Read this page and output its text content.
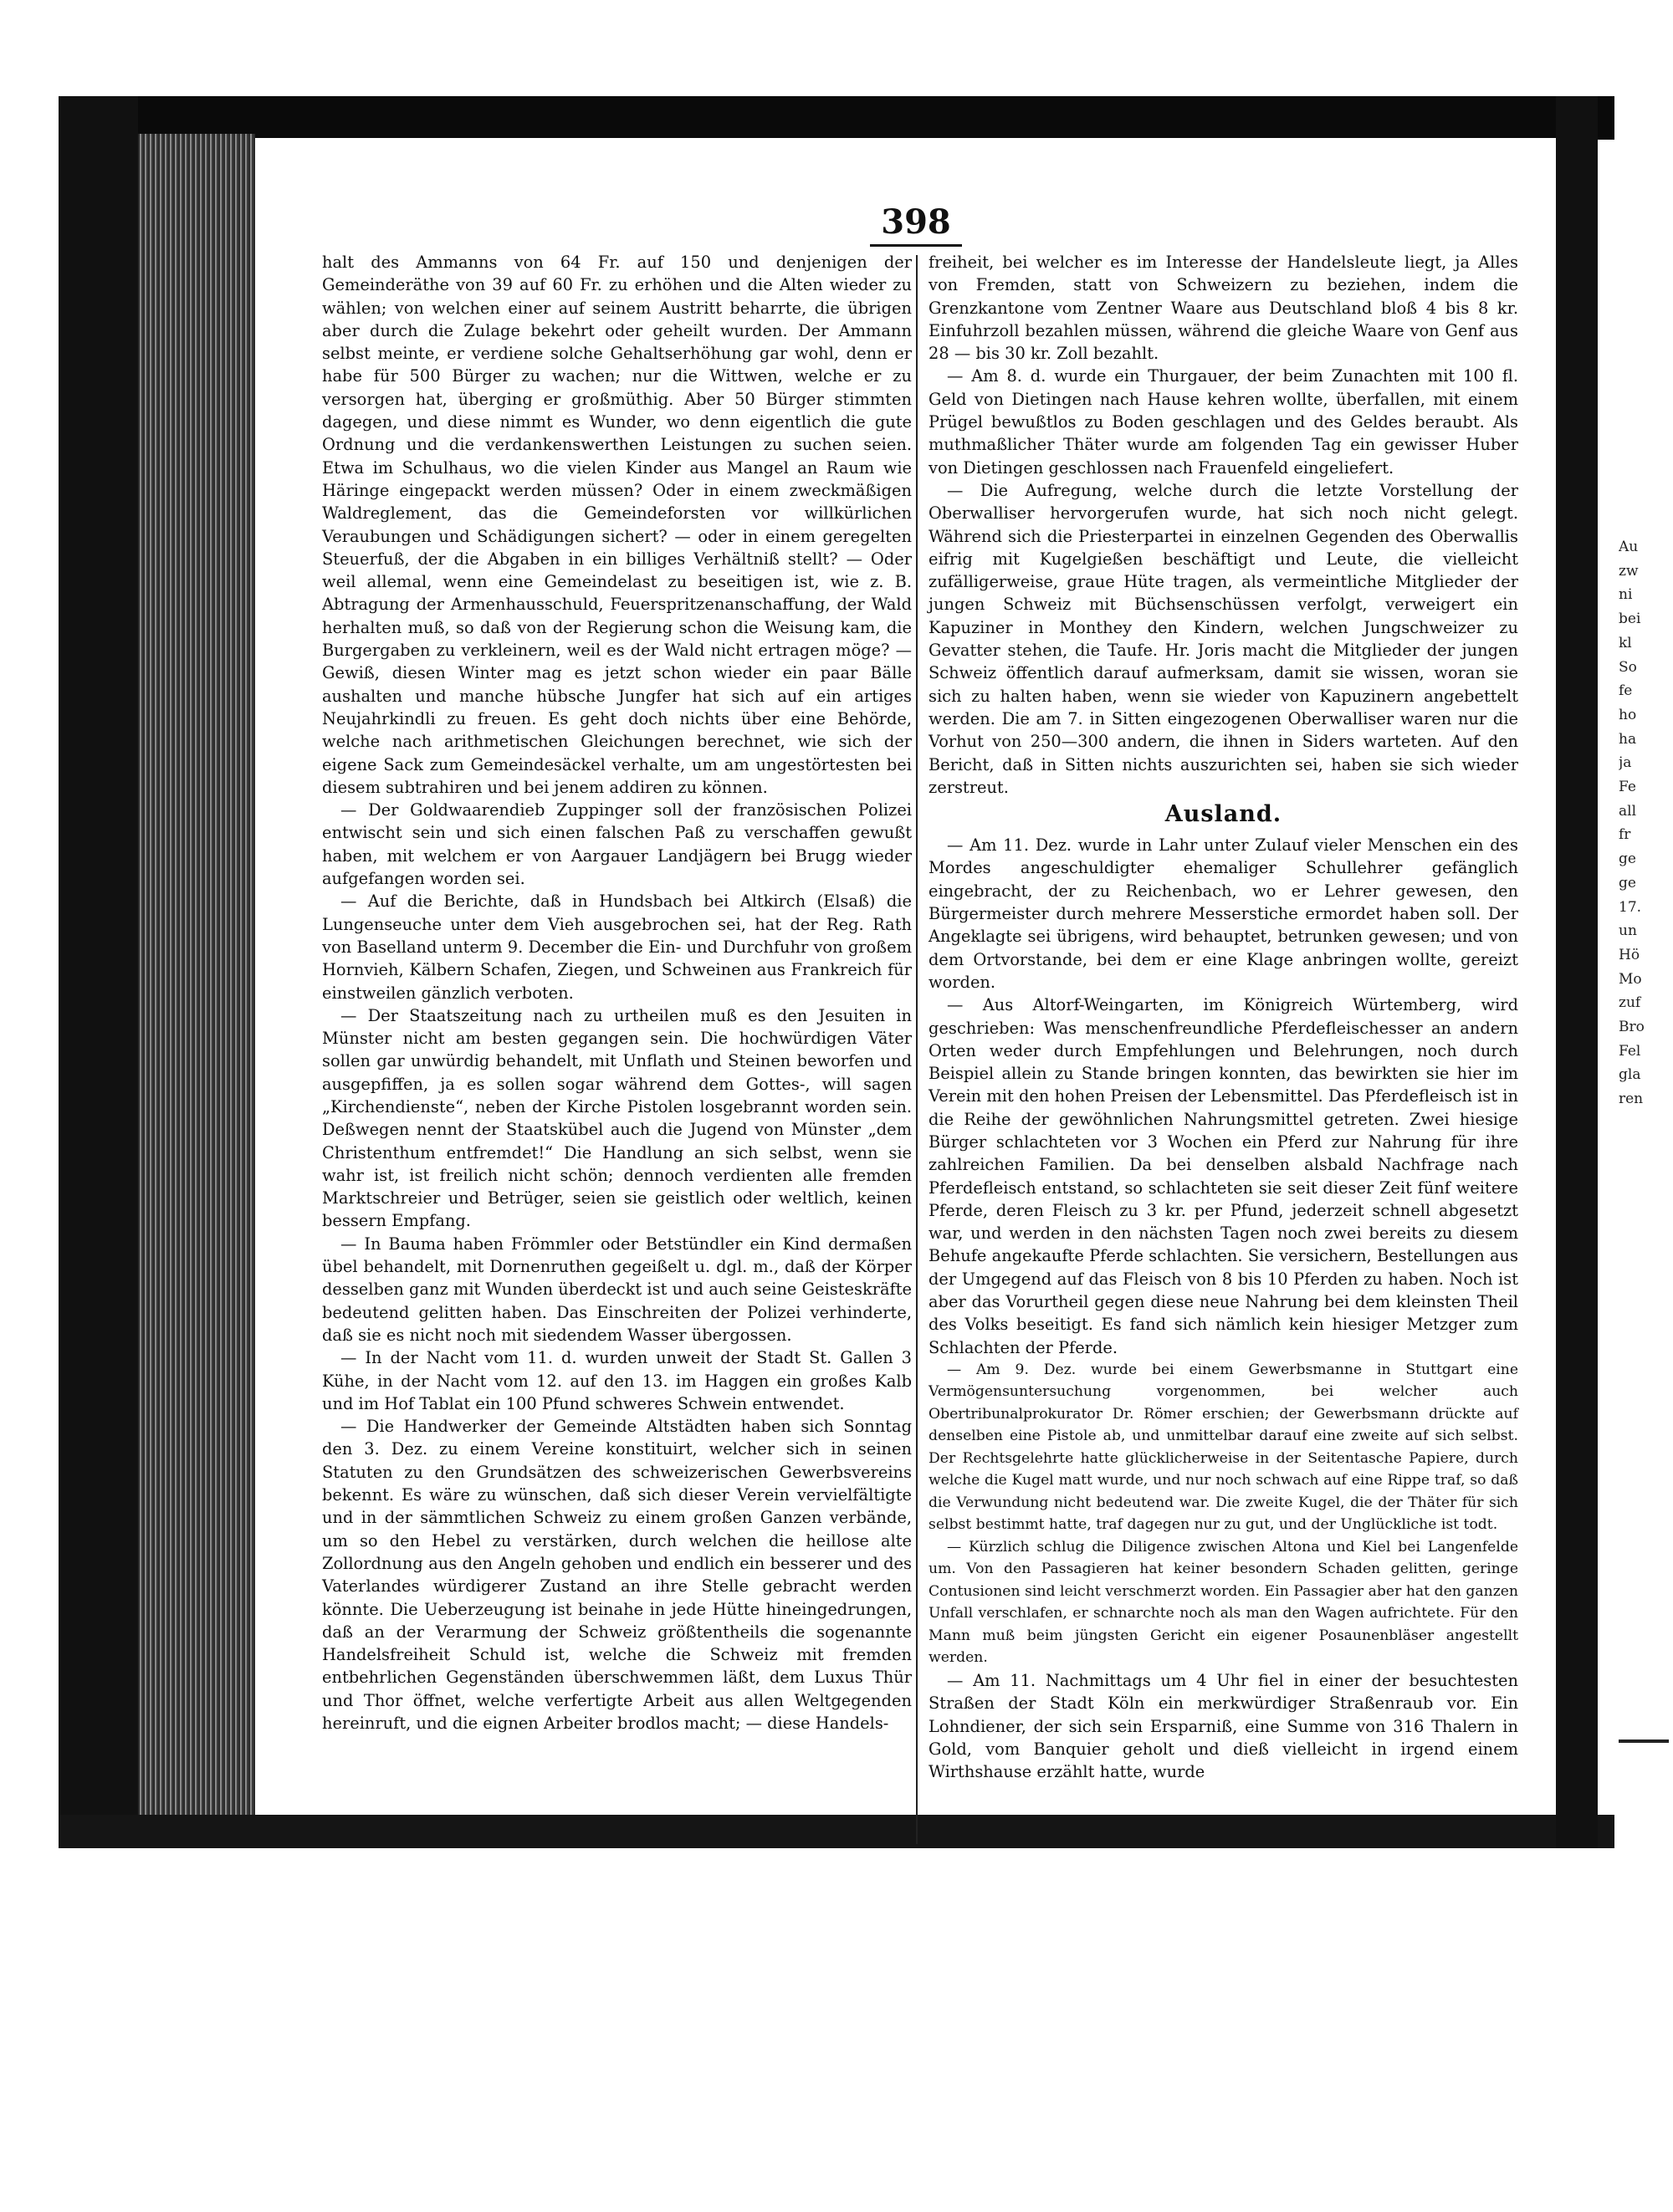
398

halt des Ammanns von 64 Fr. auf 150 und denjenigen der Gemeinderäthe von 39 auf 60 Fr. zu erhöhen und die Alten wieder zu wählen; von welchen einer auf seinem Austritt beharrte, die übrigen aber durch die Zulage bekehrt oder geheilt wurden. Der Ammann selbst meinte, er verdiene solche Gehaltserhöhung gar wohl, denn er habe für 500 Bürger zu wachen; nur die Wittwen, welche er zu versorgen hat, überging er großmüthig. Aber 50 Bürger stimmten dagegen, und diese nimmt es Wunder, wo denn eigentlich die gute Ordnung und die verdankenswerthen Leistungen zu suchen seien. Etwa im Schulhaus, wo die vielen Kinder aus Mangel an Raum wie Häringe eingepackt werden müssen? Oder in einem zweckmäßigen Waldreglement, das die Gemeindeforsten vor willkürlichen Veraubungen und Schädigungen sichert? — oder in einem geregelten Steuerfuß, der die Abgaben in ein billiges Verhältniß stellt? — Oder weil allemal, wenn eine Gemeindelast zu beseitigen ist, wie z. B. Abtragung der Armenhausschuld, Feuerspritzenanschaffung, der Wald herhalten muß, so daß von der Regierung schon die Weisung kam, die Burgergaben zu verkleinern, weil es der Wald nicht ertragen möge? — Gewiß, diesen Winter mag es jetzt schon wieder ein paar Bälle aushalten und manche hübsche Jungfer hat sich auf ein artiges Neujahrkindli zu freuen. Es geht doch nichts über eine Behörde, welche nach arithmetischen Gleichungen berechnet, wie sich der eigene Sack zum Gemeindesäckel verhalte, um am ungestörtesten bei diesem subtrahiren und bei jenem addiren zu können.

— Der Goldwaarendieb Zuppinger soll der französischen Polizei entwischt sein und sich einen falschen Paß zu verschaffen gewußt haben, mit welchem er von Aargauer Landjägern bei Brugg wieder aufgefangen worden sei.

— Auf die Berichte, daß in Hundsbach bei Altkirch (Elsaß) die Lungenseuche unter dem Vieh ausgebrochen sei, hat der Reg. Rath von Baselland unterm 9. December die Ein- und Durchfuhr von großem Hornvieh, Kälbern Schafen, Ziegen, und Schweinen aus Frankreich für einstweilen gänzlich verboten.

— Der Staatszeitung nach zu urtheilen muß es den Jesuiten in Münster nicht am besten gegangen sein. Die hochwürdigen Väter sollen gar unwürdig behandelt, mit Unflath und Steinen beworfen und ausgepfiffen, ja es sollen sogar während dem Gottes-, will sagen „Kirchendienste“, neben der Kirche Pistolen losgebrannt worden sein. Deßwegen nennt der Staatskübel auch die Jugend von Münster „dem Christenthum entfremdet!“ Die Handlung an sich selbst, wenn sie wahr ist, ist freilich nicht schön; dennoch verdienten alle fremden Marktschreier und Betrüger, seien sie geistlich oder weltlich, keinen bessern Empfang.

— In Bauma haben Frömmler oder Betstündler ein Kind dermaßen übel behandelt, mit Dornenruthen gegeißelt u. dgl. m., daß der Körper desselben ganz mit Wunden überdeckt ist und auch seine Geisteskräfte bedeutend gelitten haben. Das Einschreiten der Polizei verhinderte, daß sie es nicht noch mit siedendem Wasser übergossen.

— In der Nacht vom 11. d. wurden unweit der Stadt St. Gallen 3 Kühe, in der Nacht vom 12. auf den 13. im Haggen ein großes Kalb und im Hof Tablat ein 100 Pfund schweres Schwein entwendet.

— Die Handwerker der Gemeinde Altstädten haben sich Sonntag den 3. Dez. zu einem Vereine konstituirt, welcher sich in seinen Statuten zu den Grundsätzen des schweizerischen Gewerbsvereins bekennt. Es wäre zu wünschen, daß sich dieser Verein vervielfältigte und in der sämmtlichen Schweiz zu einem großen Ganzen verbände, um so den Hebel zu verstärken, durch welchen die heillose alte Zollordnung aus den Angeln gehoben und endlich ein besserer und des Vaterlandes würdigerer Zustand an ihre Stelle gebracht werden könnte. Die Ueberzeugung ist beinahe in jede Hütte hineingedrungen, daß an der Verarmung der Schweiz größtentheils die sogenannte Handelsfreiheit Schuld ist, welche die Schweiz mit fremden entbehrlichen Gegenständen überschwemmen läßt, dem Luxus Thür und Thor öffnet, welche verfertigte Arbeit aus allen Weltgegenden hereinruft, und die eignen Arbeiter brodlos macht; — diese Handels-

freiheit, bei welcher es im Interesse der Handelsleute liegt, ja Alles von Fremden, statt von Schweizern zu beziehen, indem die Grenzkantone vom Zentner Waare aus Deutschland bloß 4 bis 8 kr. Einfuhrzoll bezahlen müssen, während die gleiche Waare von Genf aus 28 — bis 30 kr. Zoll bezahlt.

— Am 8. d. wurde ein Thurgauer, der beim Zunachten mit 100 fl. Geld von Dietingen nach Hause kehren wollte, überfallen, mit einem Prügel bewußtlos zu Boden geschlagen und des Geldes beraubt. Als muthmaßlicher Thäter wurde am folgenden Tag ein gewisser Huber von Dietingen geschlossen nach Frauenfeld eingeliefert.

— Die Aufregung, welche durch die letzte Vorstellung der Oberwalliser hervorgerufen wurde, hat sich noch nicht gelegt. Während sich die Priesterpartei in einzelnen Gegenden des Oberwallis eifrig mit Kugelgießen beschäftigt und Leute, die vielleicht zufälligerweise, graue Hüte tragen, als vermeintliche Mitglieder der jungen Schweiz mit Büchsenschüssen verfolgt, verweigert ein Kapuziner in Monthey den Kindern, welchen Jungschweizer zu Gevatter stehen, die Taufe. Hr. Joris macht die Mitglieder der jungen Schweiz öffentlich darauf aufmerksam, damit sie wissen, woran sie sich zu halten haben, wenn sie wieder von Kapuzinern angebettelt werden. Die am 7. in Sitten eingezogenen Oberwalliser waren nur die Vorhut von 250—300 andern, die ihnen in Siders warteten. Auf den Bericht, daß in Sitten nichts auszurichten sei, haben sie sich wieder zerstreut.

Ausland.

— Am 11. Dez. wurde in Lahr unter Zulauf vieler Menschen ein des Mordes angeschuldigter ehemaliger Schullehrer gefänglich eingebracht, der zu Reichenbach, wo er Lehrer gewesen, den Bürgermeister durch mehrere Messerstiche ermordet haben soll. Der Angeklagte sei übrigens, wird behauptet, betrunken gewesen; und von dem Ortvorstande, bei dem er eine Klage anbringen wollte, gereizt worden.

— Aus Altorf-Weingarten, im Königreich Würtemberg, wird geschrieben: Was menschenfreundliche Pferdefleischesser an andern Orten weder durch Empfehlungen und Belehrungen, noch durch Beispiel allein zu Stande bringen konnten, das bewirkten sie hier im Verein mit den hohen Preisen der Lebensmittel. Das Pferdefleisch ist in die Reihe der gewöhnlichen Nahrungsmittel getreten. Zwei hiesige Bürger schlachteten vor 3 Wochen ein Pferd zur Nahrung für ihre zahlreichen Familien. Da bei denselben alsbald Nachfrage nach Pferdefleisch entstand, so schlachteten sie seit dieser Zeit fünf weitere Pferde, deren Fleisch zu 3 kr. per Pfund, jederzeit schnell abgesetzt war, und werden in den nächsten Tagen noch zwei bereits zu diesem Behufe angekaufte Pferde schlachten. Sie versichern, Bestellungen aus der Umgegend auf das Fleisch von 8 bis 10 Pferden zu haben. Noch ist aber das Vorurtheil gegen diese neue Nahrung bei dem kleinsten Theil des Volks beseitigt. Es fand sich nämlich kein hiesiger Metzger zum Schlachten der Pferde.

— Am 9. Dez. wurde bei einem Gewerbsmanne in Stuttgart eine Vermögensuntersuchung vorgenommen, bei welcher auch Obertribunalprokurator Dr. Römer erschien; der Gewerbsmann drückte auf denselben eine Pistole ab, und unmittelbar darauf eine zweite auf sich selbst. Der Rechtsgelehrte hatte glücklicherweise in der Seitentasche Papiere, durch welche die Kugel matt wurde, und nur noch schwach auf eine Rippe traf, so daß die Verwundung nicht bedeutend war. Die zweite Kugel, die der Thäter für sich selbst bestimmt hatte, traf dagegen nur zu gut, und der Unglückliche ist todt.

— Kürzlich schlug die Diligence zwischen Altona und Kiel bei Langenfelde um. Von den Passagieren hat keiner besondern Schaden gelitten, geringe Contusionen sind leicht verschmerzt worden. Ein Passagier aber hat den ganzen Unfall verschlafen, er schnarchte noch als man den Wagen aufrichtete. Für den Mann muß beim jüngsten Gericht ein eigener Posaunenbläser angestellt werden.

— Am 11. Nachmittags um 4 Uhr fiel in einer der besuchtesten Straßen der Stadt Köln ein merkwürdiger Straßenraub vor. Ein Lohndiener, der sich sein Ersparniß, eine Summe von 316 Thalern in Gold, vom Banquier geholt und dieß vielleicht in irgend einem Wirthshause erzählt hatte, wurde

Au
zw
ni
bei
kl
So
fe
ho
ha
ja
Fe
all
fr
ge
ge
17.
un
Hö
Mo
zuf
Bro
Fel
gla
ren
